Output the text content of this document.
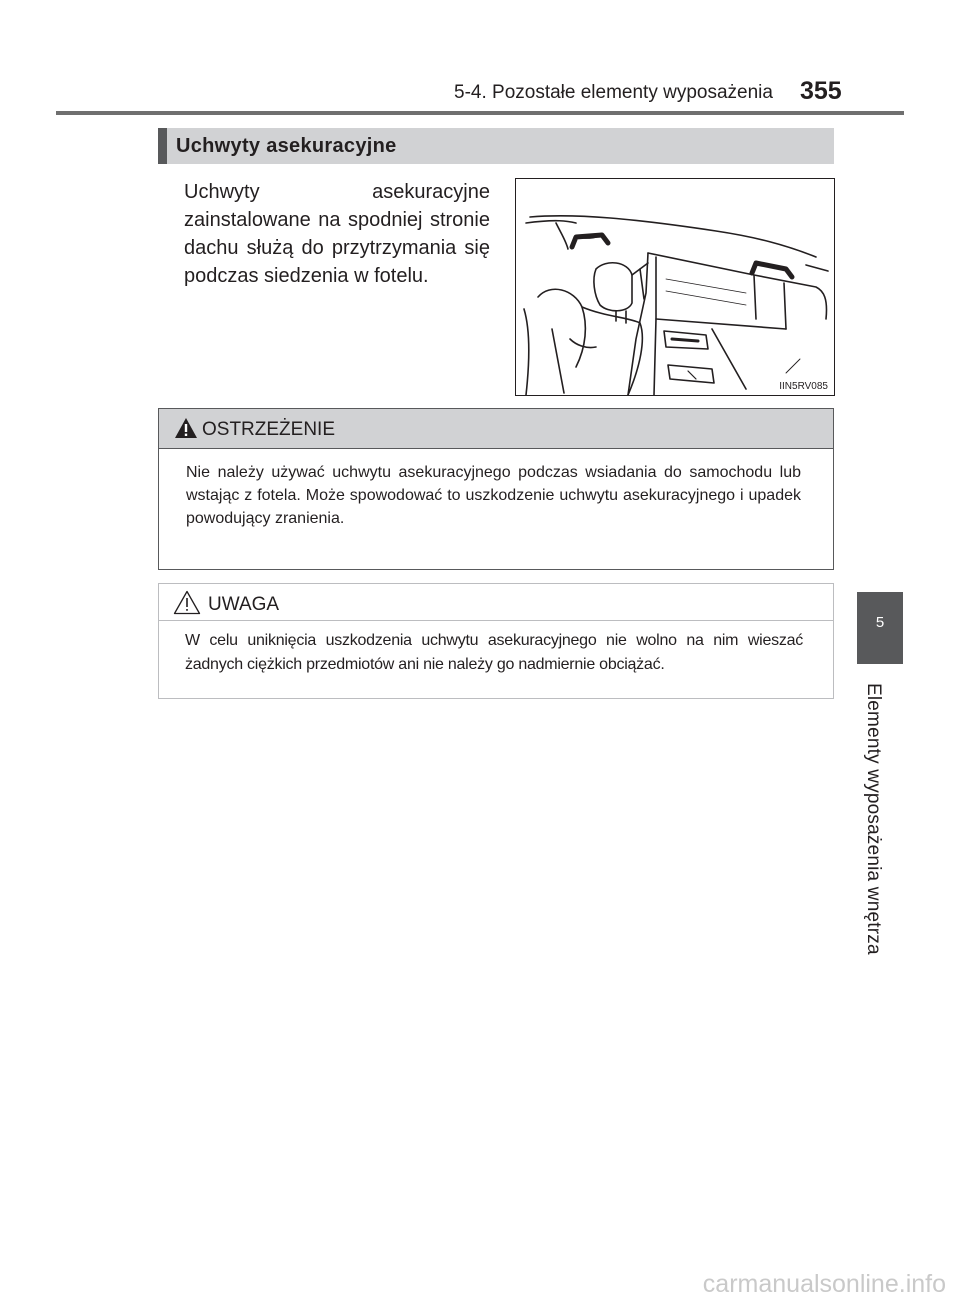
5-4. Pozostałe elementy wyposażenia 355
5
Elementy wyposażenia wnętrza
Uchwyty asekuracyjne

Uchwyty asekuracyjne zainstalowane na spodniej stronie dachu służą do przytrzymania się podczas siedzenia w fotelu.

IIN5RV085
OSTRZEŻENIE

Nie należy używać uchwytu asekuracyjnego podczas wsiadania do samochodu lub wstając z fotela. Może spowodować to uszkodzenie uchwytu asekuracyjnego i upadek powodujący zranienia.

UWAGA

W celu uniknięcia uszkodzenia uchwytu asekuracyjnego nie wolno na nim wieszać żadnych ciężkich przedmiotów ani nie należy go nadmiernie obciążać.

carmanualsonline.info
